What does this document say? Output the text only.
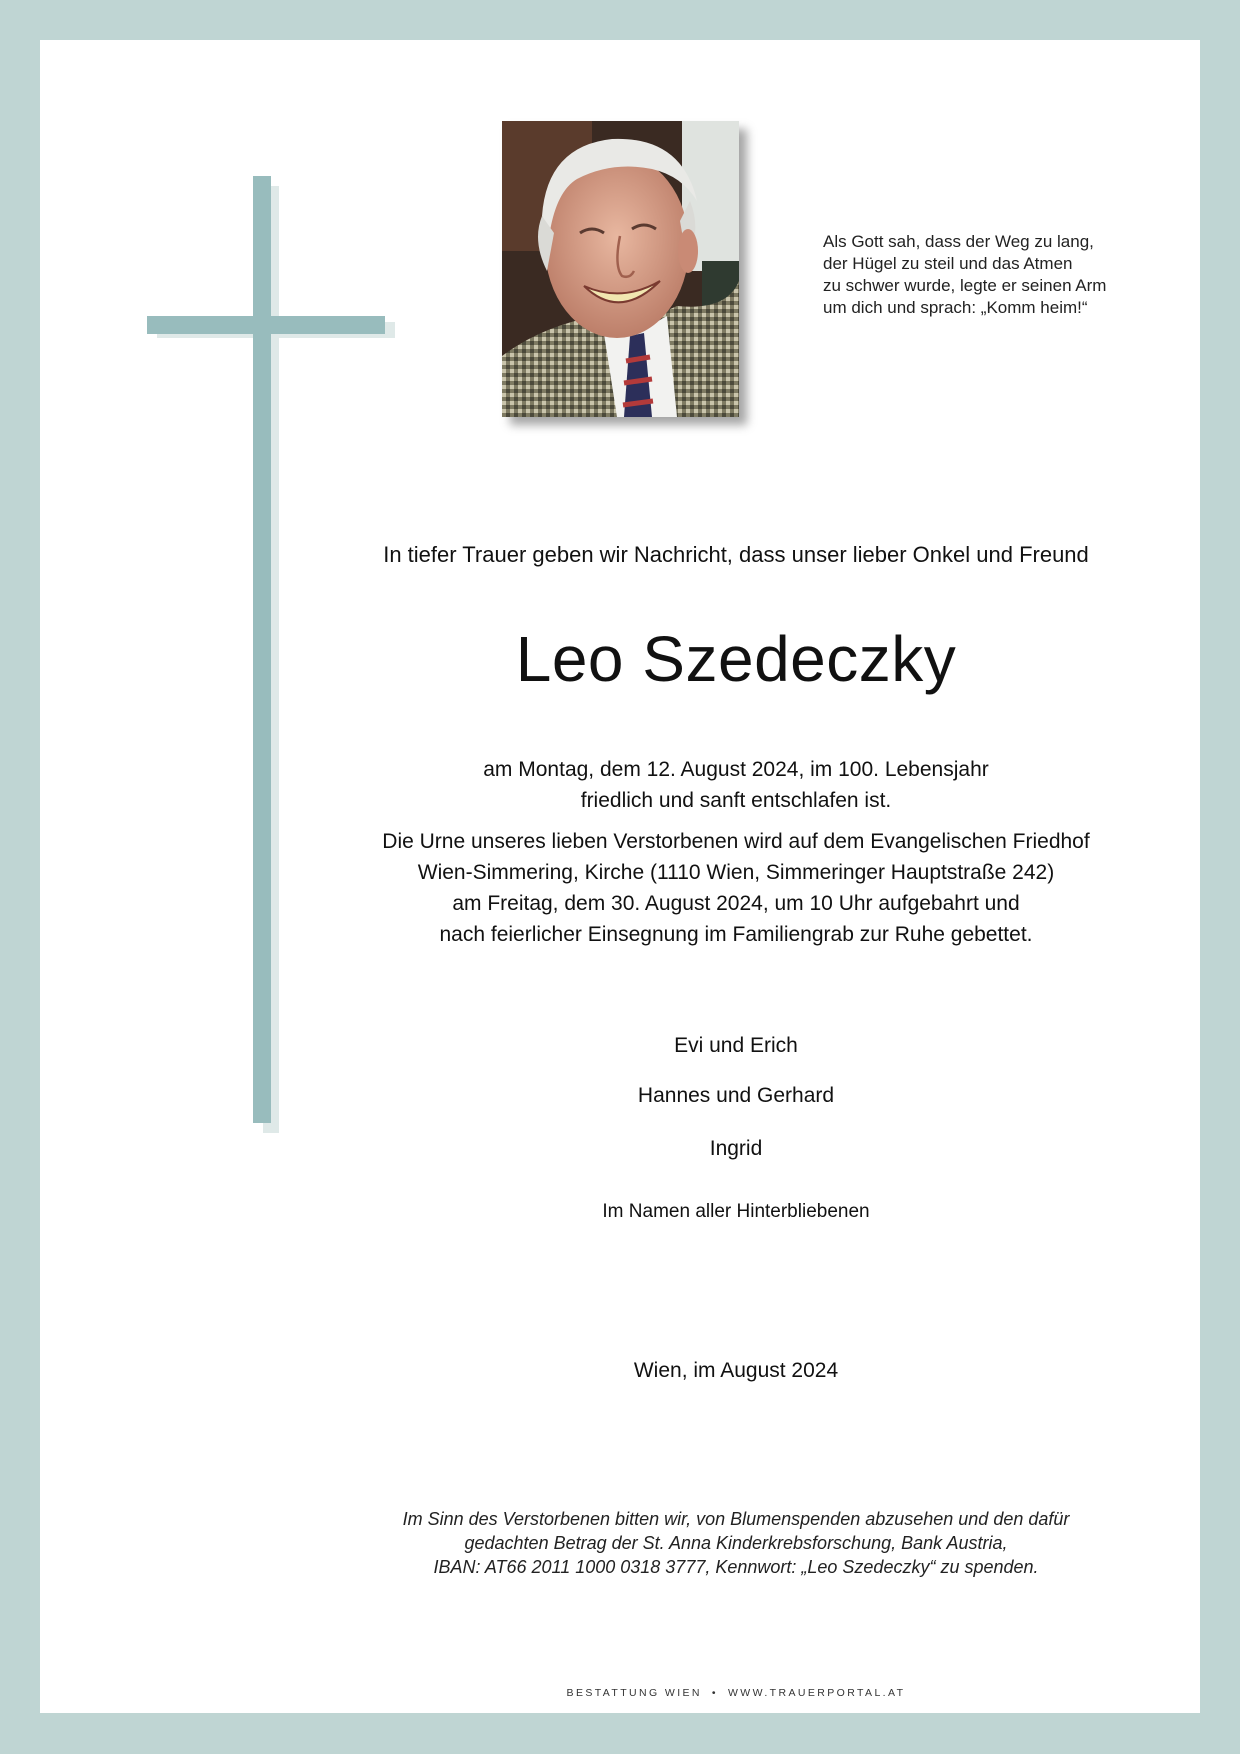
Als Gott sah, dass der Weg zu lang,
der Hügel zu steil und das Atmen
zu schwer wurde, legte er seinen Arm
um dich und sprach: „Komm heim!“
In tiefer Trauer geben wir Nachricht, dass unser lieber Onkel und Freund
Leo Szedeczky
am Montag, dem 12. August 2024, im 100. Lebensjahr
friedlich und sanft entschlafen ist.
Die Urne unseres lieben Verstorbenen wird auf dem Evangelischen Friedhof
Wien-Simmering, Kirche (1110 Wien, Simmeringer Hauptstraße 242)
am Freitag, dem 30. August 2024, um 10 Uhr aufgebahrt und
nach feierlicher Einsegnung im Familiengrab zur Ruhe gebettet.
Evi und Erich
Hannes und Gerhard
Ingrid
Im Namen aller Hinterbliebenen
Wien, im August 2024
Im Sinn des Verstorbenen bitten wir, von Blumenspenden abzusehen und den dafür
gedachten Betrag der St. Anna Kinderkrebsforschung, Bank Austria,
IBAN: AT66 2011 1000 0318 3777, Kennwort: „Leo Szedeczky“ zu spenden.
BESTATTUNG WIEN • WWW.TRAUERPORTAL.AT
